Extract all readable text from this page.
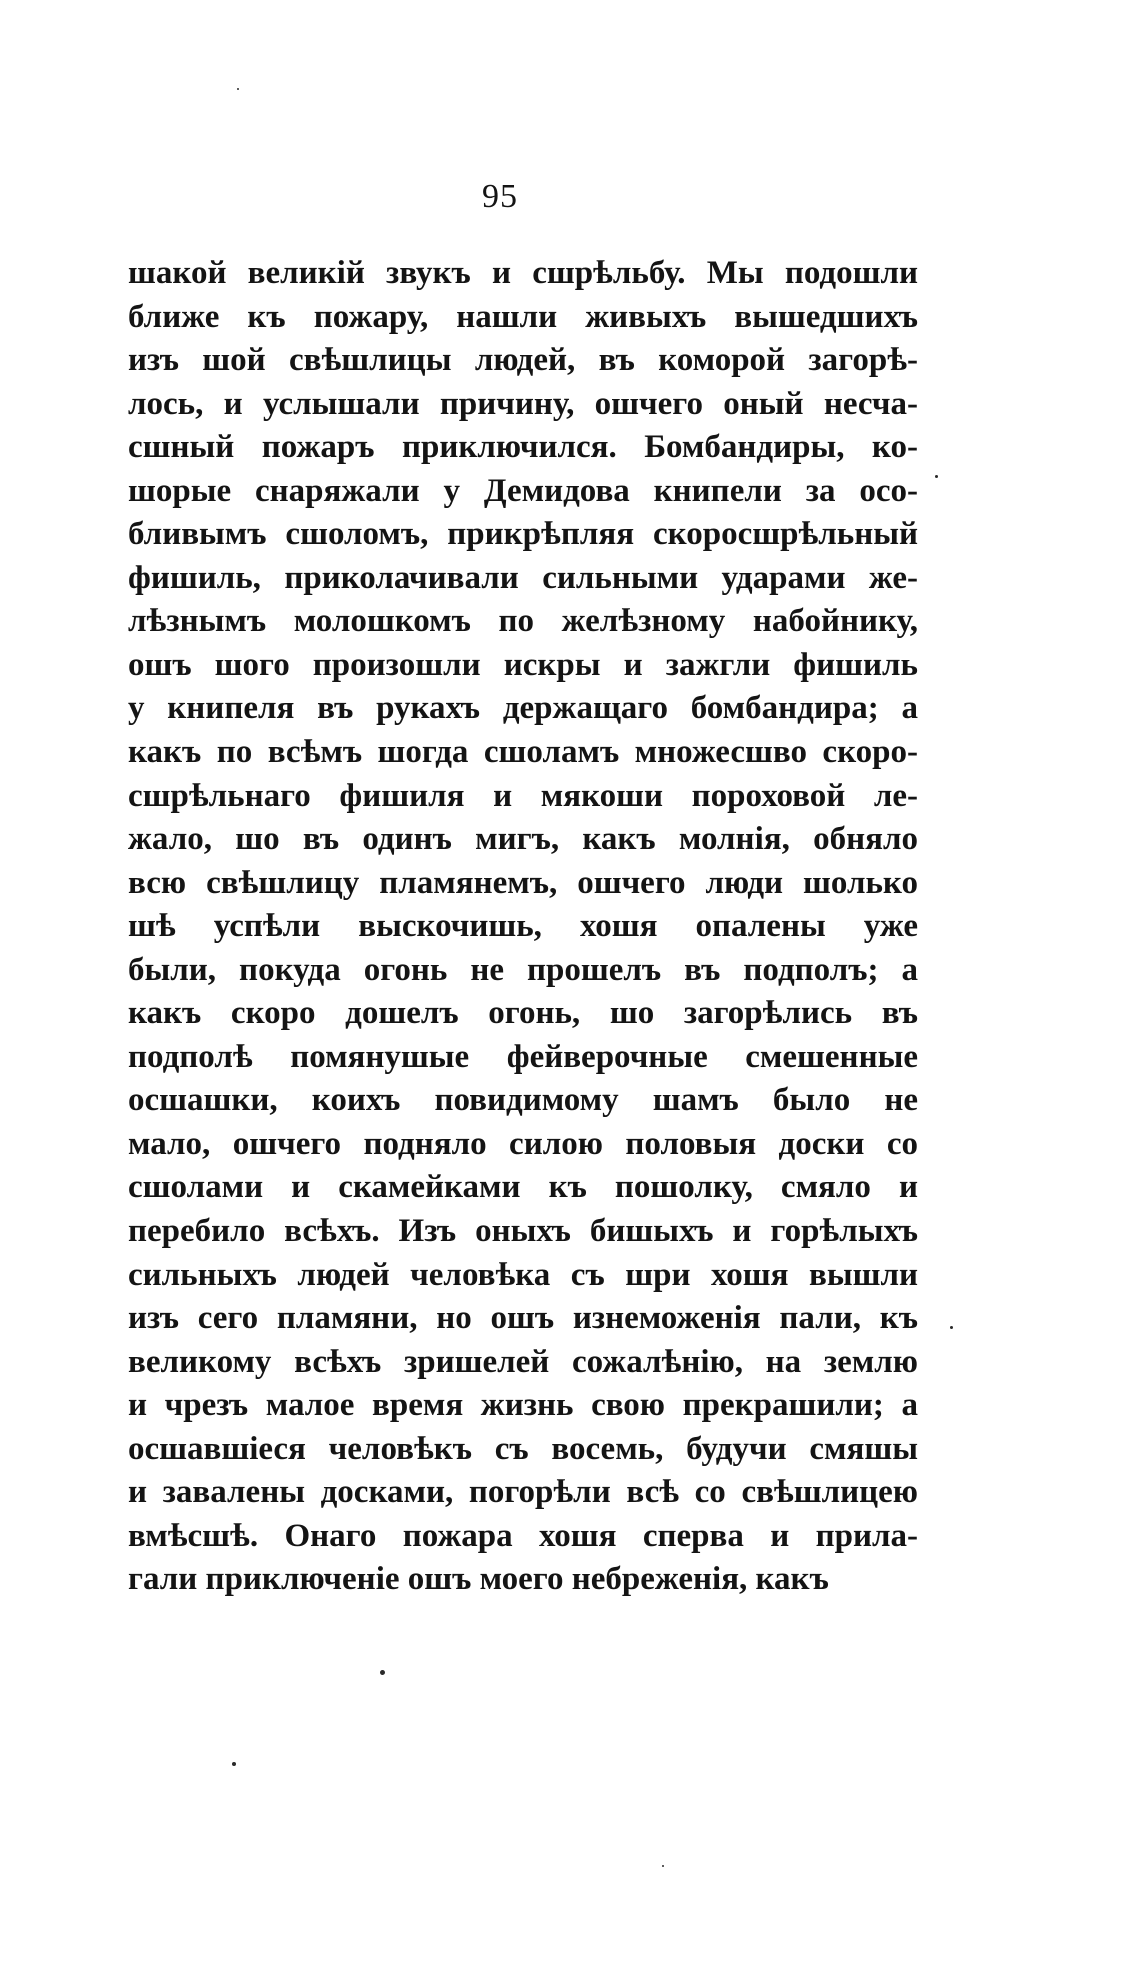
95
шакой великій звукъ и сшрѣльбу. Мы подошли
ближе къ пожару, нашли живыхъ вышедшихъ
изъ шой свѣшлицы людей, въ коморой загорѣ-
лось, и услышали причину, ошчего оный несча-
сшный пожаръ приключился. Бомбандиры, ко-
шорые снаряжали у Демидова книпели за осо-
бливымъ сшоломъ, прикрѣпляя скоросшрѣльный
фишиль, приколачивали сильными ударами же-
лѣзнымъ молошкомъ по желѣзному набойнику,
ошъ шого произошли искры и зажгли фишиль
у книпеля въ рукахъ держащаго бомбандира; а
какъ по всѣмъ шогда сшоламъ множесшво скоро-
сшрѣльнаго фишиля и мякоши пороховой ле-
жало, шо въ одинъ мигъ, какъ молнія, обняло
всю свѣшлицу пламянемъ, ошчего люди шолько
шѣ успѣли выскочишь, хошя опалены уже
были, покуда огонь не прошелъ въ подполъ; а
какъ скоро дошелъ огонь, шо загорѣлись въ
подполѣ помянушые фейверочные смешенные
осшашки, коихъ повидимому шамъ было не
мало, ошчего подняло силою половыя доски со
сшолами и скамейками къ пошолку, смяло и
перебило всѣхъ. Изъ оныхъ бишыхъ и горѣлыхъ
сильныхъ людей человѣка съ шри хошя вышли
изъ сего пламяни, но ошъ изнеможенія пали, къ
великому всѣхъ зришелей сожалѣнію, на землю
и чрезъ малое время жизнь свою прекрашили; а
осшавшіеся человѣкъ съ восемь, будучи смяшы
и завалены досками, погорѣли всѣ со свѣшлицею
вмѣсшѣ. Онаго пожара хошя сперва и прила-
гали приключеніе ошъ моего небреженія, какъ
